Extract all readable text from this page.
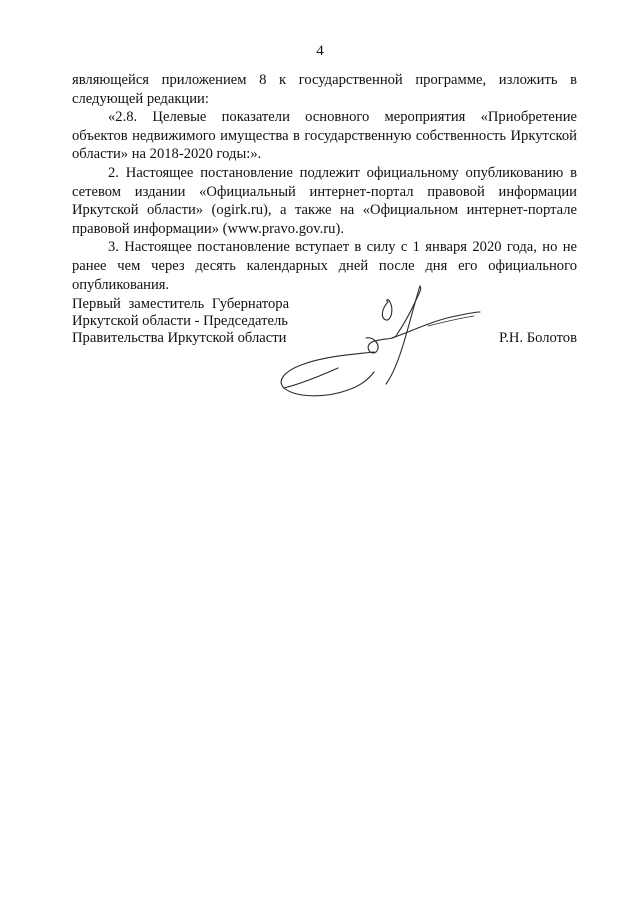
4

являющейся приложением 8 к государственной программе, изложить в следующей редакции:

«2.8. Целевые показатели основного мероприятия «Приобретение объектов недвижимого имущества в государственную собственность Иркутской области» на 2018-2020 годы:».

2. Настоящее постановление подлежит официальному опубликованию в сетевом издании «Официальный интернет-портал правовой информации Иркутской области» (ogirk.ru), а также на «Официальном интернет-портале правовой информации» (www.pravo.gov.ru).

3. Настоящее постановление вступает в силу с 1 января 2020 года, но не ранее чем через десять календарных дней после дня его официального опубликования.

Первый заместитель Губернатора
Иркутской области - Председатель
Правительства Иркутской области	Р.Н. Болотов
